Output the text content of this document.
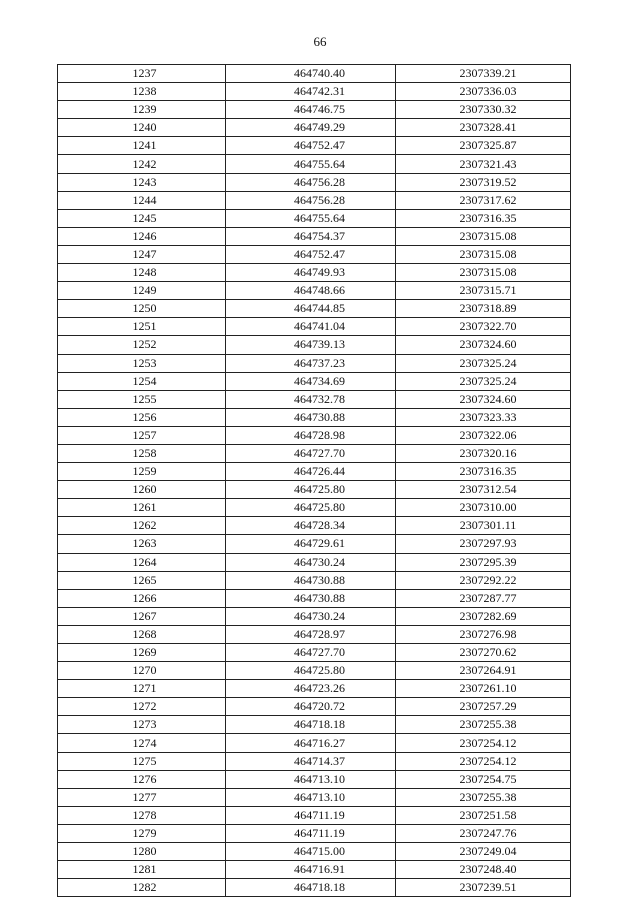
66
1237	464740.40	2307339.21
1238	464742.31	2307336.03
1239	464746.75	2307330.32
1240	464749.29	2307328.41
1241	464752.47	2307325.87
1242	464755.64	2307321.43
1243	464756.28	2307319.52
1244	464756.28	2307317.62
1245	464755.64	2307316.35
1246	464754.37	2307315.08
1247	464752.47	2307315.08
1248	464749.93	2307315.08
1249	464748.66	2307315.71
1250	464744.85	2307318.89
1251	464741.04	2307322.70
1252	464739.13	2307324.60
1253	464737.23	2307325.24
1254	464734.69	2307325.24
1255	464732.78	2307324.60
1256	464730.88	2307323.33
1257	464728.98	2307322.06
1258	464727.70	2307320.16
1259	464726.44	2307316.35
1260	464725.80	2307312.54
1261	464725.80	2307310.00
1262	464728.34	2307301.11
1263	464729.61	2307297.93
1264	464730.24	2307295.39
1265	464730.88	2307292.22
1266	464730.88	2307287.77
1267	464730.24	2307282.69
1268	464728.97	2307276.98
1269	464727.70	2307270.62
1270	464725.80	2307264.91
1271	464723.26	2307261.10
1272	464720.72	2307257.29
1273	464718.18	2307255.38
1274	464716.27	2307254.12
1275	464714.37	2307254.12
1276	464713.10	2307254.75
1277	464713.10	2307255.38
1278	464711.19	2307251.58
1279	464711.19	2307247.76
1280	464715.00	2307249.04
1281	464716.91	2307248.40
1282	464718.18	2307239.51
